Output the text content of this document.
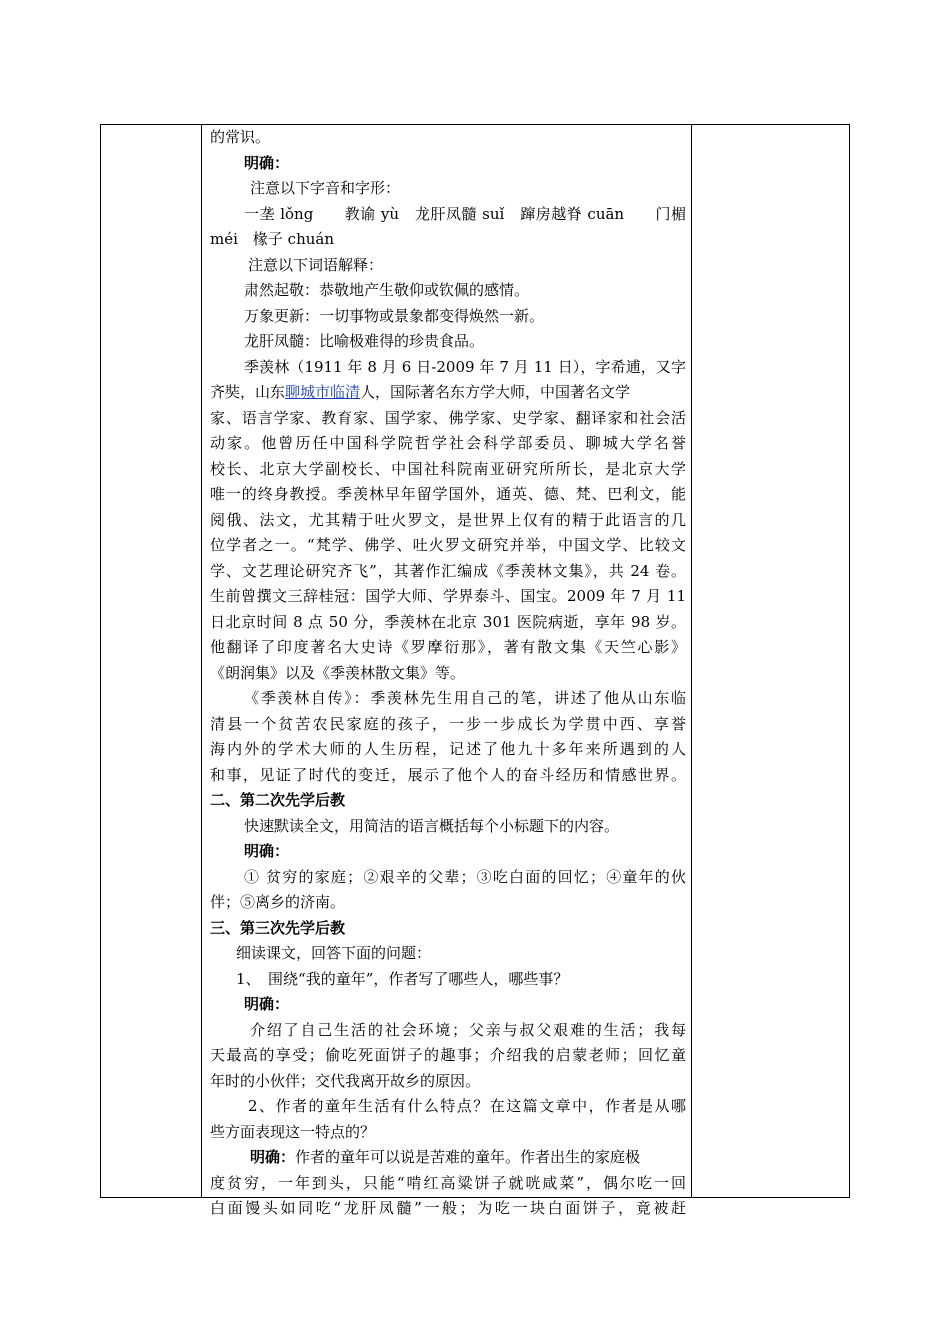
的常识。
明确：
注意以下字音和字形：
一垄 lǒng　　教谕 yù　龙肝凤髓 suǐ　蹿房越脊 cuān　　门楣
méi　椽子 chuán
注意以下词语解释：
肃然起敬：恭敬地产生敬仰或钦佩的感情。
万象更新：一切事物或景象都变得焕然一新。
龙肝凤髓：比喻极难得的珍贵食品。
季羡林（1911 年 8 月 6 日-2009 年 7 月 11 日），字希逋，又字
齐奘，山东聊城市临清人，国际著名东方学大师，中国著名文学
家、语言学家、教育家、国学家、佛学家、史学家、翻译家和社会活
动家。他曾历任中国科学院哲学社会科学部委员、聊城大学名誉
校长、北京大学副校长、中国社科院南亚研究所所长，是北京大学
唯一的终身教授。季羡林早年留学国外，通英、德、梵、巴利文，能
阅俄、法文，尤其精于吐火罗文，是世界上仅有的精于此语言的几
位学者之一。“梵学、佛学、吐火罗文研究并举，中国文学、比较文
学、文艺理论研究齐飞”，其著作汇编成《季羡林文集》，共 24 卷。
生前曾撰文三辞桂冠：国学大师、学界泰斗、国宝。2009 年 7 月 11
日北京时间 8 点 50 分，季羡林在北京 301 医院病逝，享年 98 岁。
他翻译了印度著名大史诗《罗摩衍那》，著有散文集《天竺心影》
《朗润集》以及《季羡林散文集》等。
《季羡林自传》：季羡林先生用自己的笔，讲述了他从山东临
清县一个贫苦农民家庭的孩子，一步一步成长为学贯中西、享誉
海内外的学术大师的人生历程，记述了他九十多年来所遇到的人
和事，见证了时代的变迁，展示了他个人的奋斗经历和情感世界。
二、第二次先学后教
快速默读全文，用简洁的语言概括每个小标题下的内容。
明确：
① 贫穷的家庭；②艰辛的父辈；③吃白面的回忆；④童年的伙
伴；⑤离乡的济南。
三、第三次先学后教
细读课文，回答下面的问题：
1、　围绕“我的童年”，作者写了哪些人，哪些事？
明确：
介绍了自己生活的社会环境；父亲与叔父艰难的生活；我每
天最高的享受；偷吃死面饼子的趣事；介绍我的启蒙老师；回忆童
年时的小伙伴；交代我离开故乡的原因。
2、作者的童年生活有什么特点？在这篇文章中，作者是从哪
些方面表现这一特点的？
明确：作者的童年可以说是苦难的童年。作者出生的家庭极
度贫穷，一年到头，只能“啃红高粱饼子就咣咸菜”，偶尔吃一回
白面馒头如同吃“龙肝凤髓”一般；为吃一块白面饼子，竟被赶
